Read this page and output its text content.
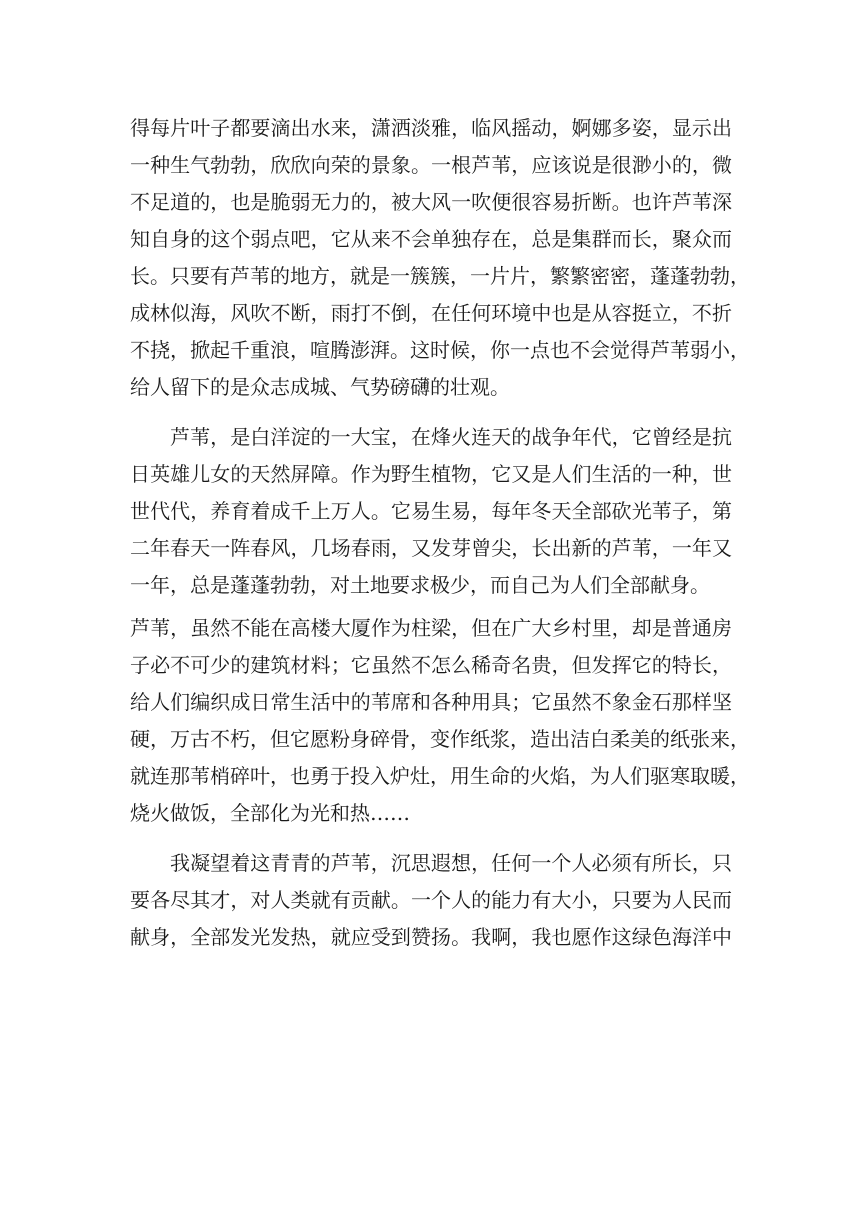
得每片叶子都要滴出水来，潇洒淡雅，临风摇动，婀娜多姿，显示出
一种生气勃勃，欣欣向荣的景象。一根芦苇，应该说是很渺小的，微
不足道的，也是脆弱无力的，被大风一吹便很容易折断。也许芦苇深
知自身的这个弱点吧，它从来不会单独存在，总是集群而长，聚众而
长。只要有芦苇的地方，就是一簇簇，一片片，繁繁密密，蓬蓬勃勃，
成林似海，风吹不断，雨打不倒，在任何环境中也是从容挺立，不折
不挠，掀起千重浪，喧腾澎湃。这时候，你一点也不会觉得芦苇弱小，
给人留下的是众志成城、气势磅礴的壮观。
芦苇，是白洋淀的一大宝，在烽火连天的战争年代，它曾经是抗
日英雄儿女的天然屏障。作为野生植物，它又是人们生活的一种，世
世代代，养育着成千上万人。它易生易，每年冬天全部砍光苇子，第
二年春天一阵春风，几场春雨，又发芽曾尖，长出新的芦苇，一年又
一年，总是蓬蓬勃勃，对土地要求极少，而自己为人们全部献身。
芦苇，虽然不能在高楼大厦作为柱梁，但在广大乡村里，却是普通房
子必不可少的建筑材料；它虽然不怎么稀奇名贵，但发挥它的特长，
给人们编织成日常生活中的苇席和各种用具；它虽然不象金石那样坚
硬，万古不朽，但它愿粉身碎骨，变作纸浆，造出洁白柔美的纸张来，
就连那苇梢碎叶，也勇于投入炉灶，用生命的火焰，为人们驱寒取暖，
烧火做饭，全部化为光和热……
我凝望着这青青的芦苇，沉思遐想，任何一个人必须有所长，只
要各尽其才，对人类就有贡献。一个人的能力有大小，只要为人民而
献身，全部发光发热，就应受到赞扬。我啊，我也愿作这绿色海洋中
